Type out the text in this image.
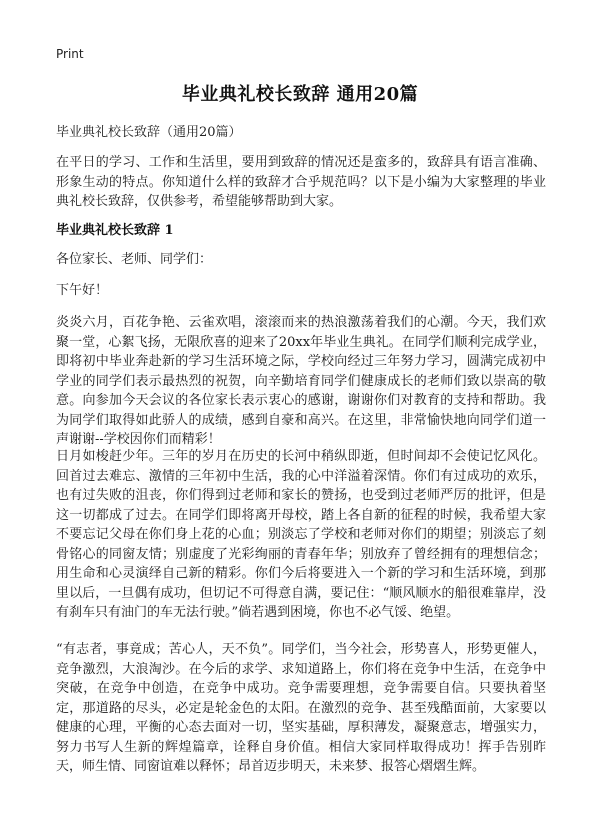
Print
毕业典礼校长致辞 通用20篇
毕业典礼校长致辞（通用20篇）

在平日的学习、工作和生活里，要用到致辞的情况还是蛮多的，致辞具有语言准确、形象生动的特点。你知道什么样的致辞才合乎规范吗？以下是小编为大家整理的毕业典礼校长致辞，仅供参考，希望能够帮助到大家。

毕业典礼校长致辞 1

各位家长、老师、同学们：

下午好！

炎炎六月，百花争艳、云雀欢唱，滚滚而来的热浪激荡着我们的心潮。今天，我们欢聚一堂，心絮飞扬，无限欣喜的迎来了20xx年毕业生典礼。在同学们顺利完成学业，即将初中毕业奔赴新的学习生活环境之际，学校向经过三年努力学习，圆满完成初中学业的同学们表示最热烈的祝贺，向辛勤培育同学们健康成长的老师们致以崇高的敬意。向参加今天会议的各位家长表示衷心的感谢，谢谢你们对教育的支持和帮助。我为同学们取得如此骄人的成绩，感到自豪和高兴。在这里，非常愉快地向同学们道一声谢谢--学校因你们而精彩！

日月如梭赶少年。三年的岁月在历史的长河中稍纵即逝，但时间却不会使记忆风化。回首过去难忘、激情的三年初中生活，我的心中洋溢着深情。你们有过成功的欢乐，也有过失败的沮丧，你们得到过老师和家长的赞扬，也受到过老师严厉的批评，但是这一切都成了过去。在同学们即将离开母校，踏上各自新的征程的时候，我希望大家不要忘记父母在你们身上花的心血；别淡忘了学校和老师对你们的期望；别淡忘了刻骨铭心的同窗友情；别虚度了光彩绚丽的青春年华；别放弃了曾经拥有的理想信念；用生命和心灵演绎自己新的精彩。你们今后将要进入一个新的学习和生活环境，到那里以后，一旦偶有成功，但切记不可得意自满，要记住：“顺风顺水的船很难靠岸，没有刹车只有油门的车无法行驶。”倘若遇到困境，你也不必气馁、绝望。

“有志者，事竟成；苦心人，天不负”。同学们，当今社会，形势喜人，形势更催人，竞争激烈，大浪淘沙。在今后的求学、求知道路上，你们将在竞争中生活，在竞争中突破，在竞争中创造，在竞争中成功。竞争需要理想，竞争需要自信。只要执着坚定，那道路的尽头，必定是轮金色的太阳。在激烈的竞争、甚至残酷面前，大家要以健康的心理，平衡的心态去面对一切，坚实基础，厚积薄发，凝聚意志，增强实力，努力书写人生新的辉煌篇章，诠释自身价值。相信大家同样取得成功！挥手告别昨天，师生情、同窗谊难以释怀；昂首迈步明天，未来梦、报答心熠熠生辉。
